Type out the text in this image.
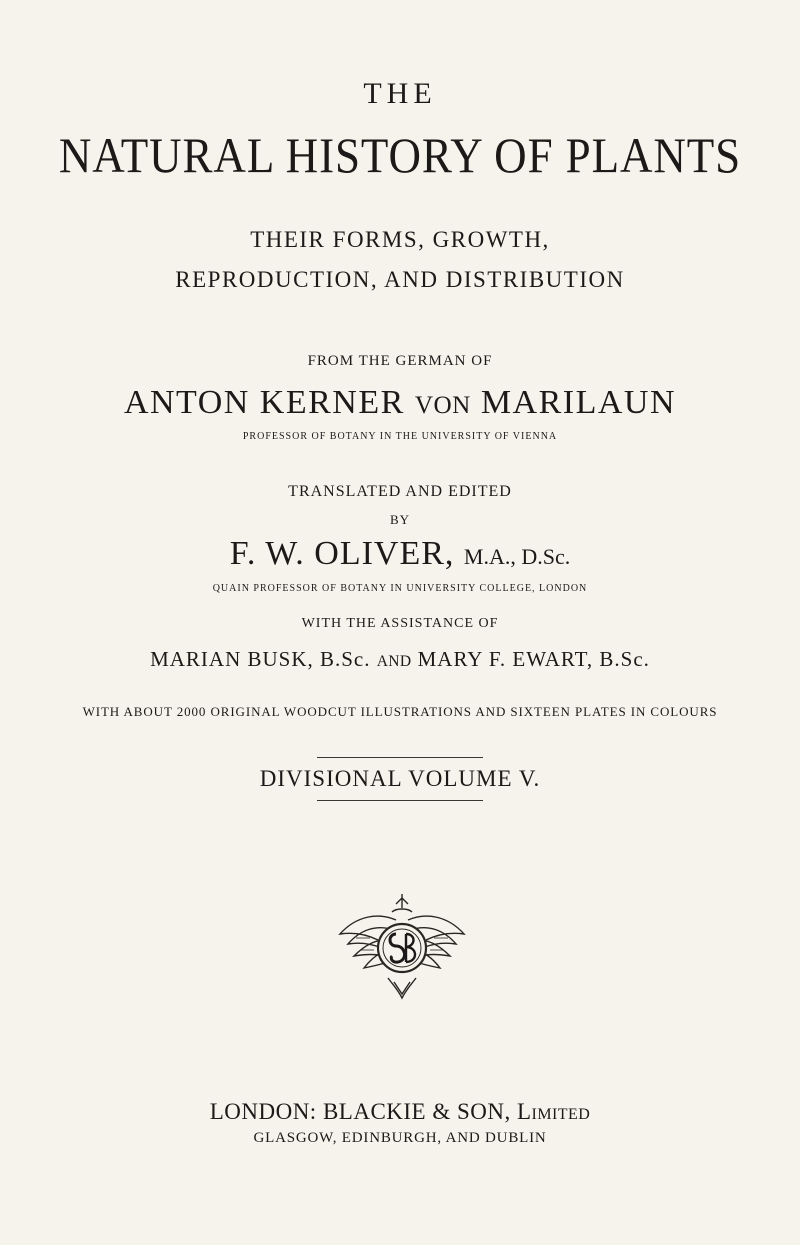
THE
NATURAL HISTORY OF PLANTS
THEIR FORMS, GROWTH,
REPRODUCTION, AND DISTRIBUTION
FROM THE GERMAN OF
ANTON KERNER VON MARILAUN
PROFESSOR OF BOTANY IN THE UNIVERSITY OF VIENNA
TRANSLATED AND EDITED
BY
F. W. OLIVER, M.A., D.Sc.
QUAIN PROFESSOR OF BOTANY IN UNIVERSITY COLLEGE, LONDON
WITH THE ASSISTANCE OF
MARIAN BUSK, B.Sc. AND MARY F. EWART, B.Sc.
WITH ABOUT 2000 ORIGINAL WOODCUT ILLUSTRATIONS AND SIXTEEN PLATES IN COLOURS
DIVISIONAL VOLUME V.
LONDON: BLACKIE & SON, Limited
GLASGOW, EDINBURGH, AND DUBLIN
